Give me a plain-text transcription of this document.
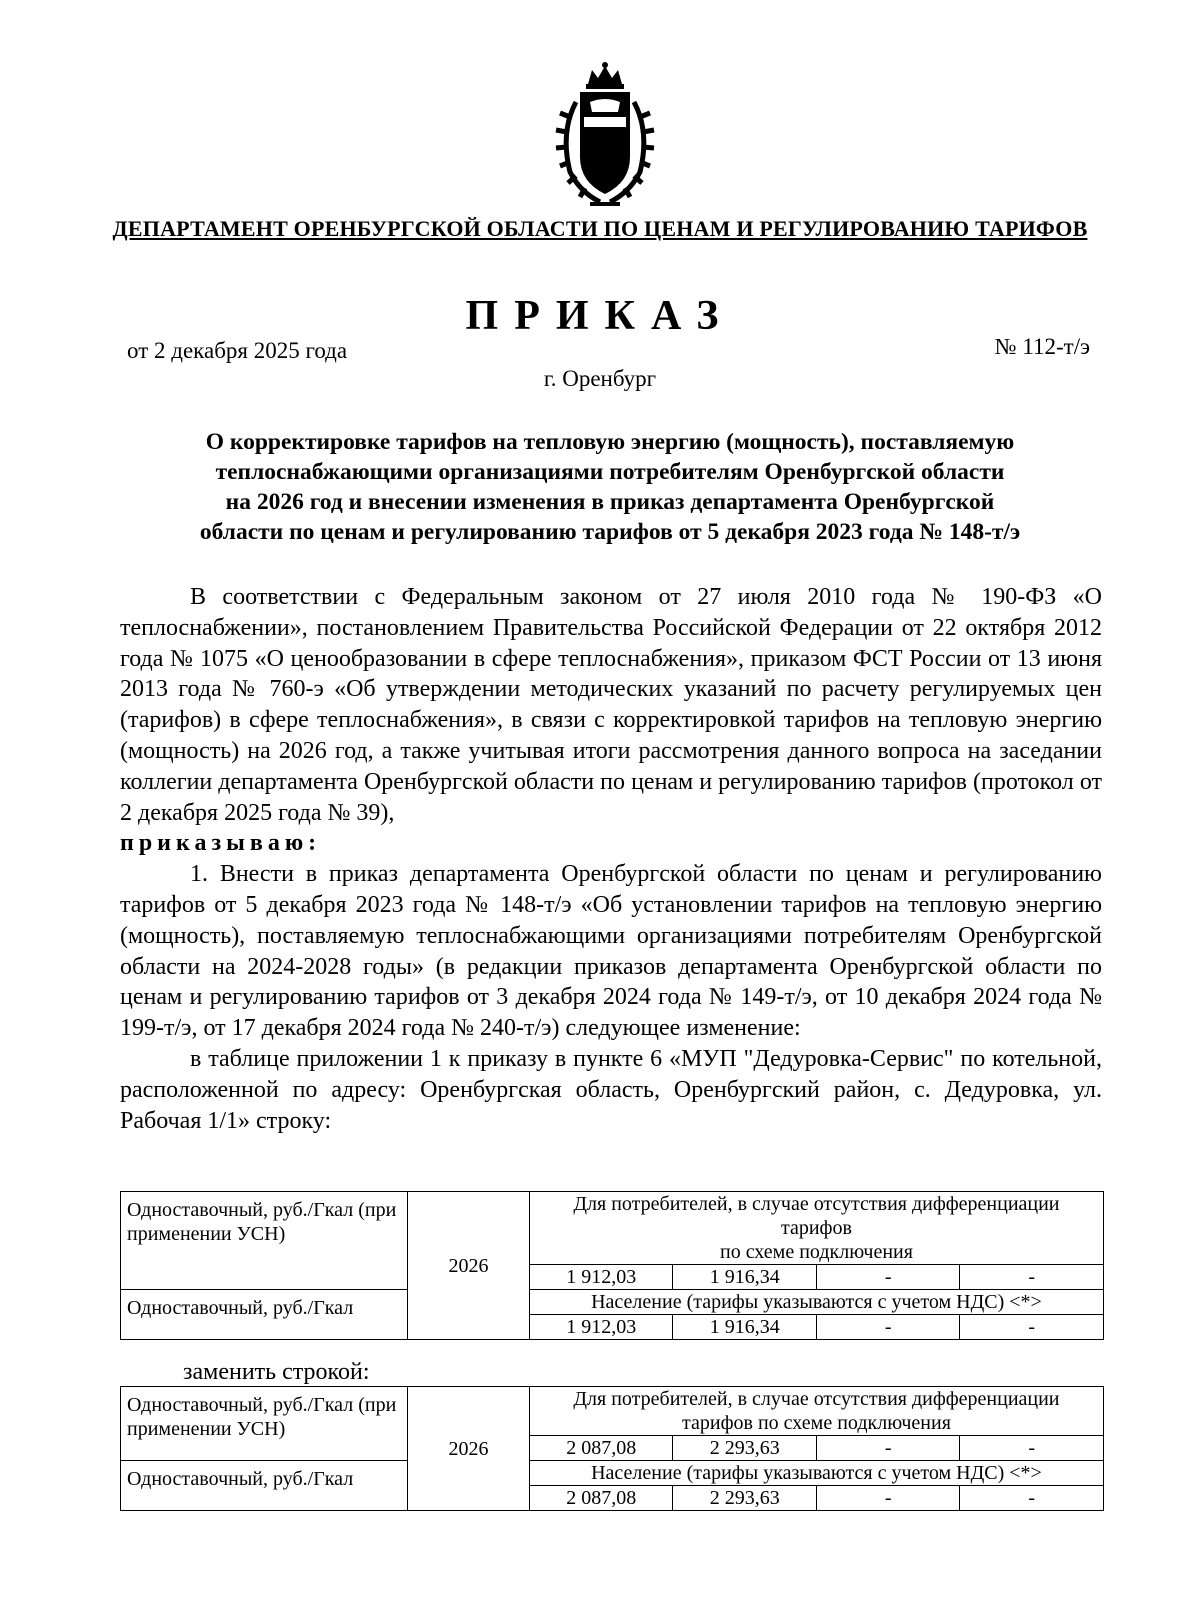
ДЕПАРТАМЕНТ ОРЕНБУРГСКОЙ ОБЛАСТИ ПО ЦЕНАМ И РЕГУЛИРОВАНИЮ ТАРИФОВ
ПРИКАЗ
от 2 декабря 2025 года	№ 112-т/э
г. Оренбург
О корректировке тарифов на тепловую энергию (мощность), поставляемую
теплоснабжающими организациями потребителям Оренбургской области
на 2026 год и внесении изменения в приказ департамента Оренбургской
области по ценам и регулированию тарифов от 5 декабря 2023 года № 148-т/э

В соответствии с Федеральным законом от 27 июля 2010 года № 190-ФЗ «О теплоснабжении», постановлением Правительства Российской Федерации от 22 октября 2012 года № 1075 «О ценообразовании в сфере теплоснабжения», приказом ФСТ России от 13 июня 2013 года № 760-э «Об утверждении методических указаний по расчету регулируемых цен (тарифов) в сфере теплоснабжения», в связи с корректировкой тарифов на тепловую энергию (мощность) на 2026 год, а также учитывая итоги рассмотрения данного вопроса на заседании коллегии департамента Оренбургской области по ценам и регулированию тарифов (протокол от 2 декабря 2025 года № 39),
приказываю:

1. Внести в приказ департамента Оренбургской области по ценам и регулированию тарифов от 5 декабря 2023 года № 148-т/э «Об установлении тарифов на тепловую энергию (мощность), поставляемую теплоснабжающими организациями потребителям Оренбургской области на 2024-2028 годы» (в редакции приказов департамента Оренбургской области по ценам и регулированию тарифов от 3 декабря 2024 года № 149-т/э, от 10 декабря 2024 года № 199-т/э, от 17 декабря 2024 года № 240-т/э) следующее изменение:

в таблице приложении 1 к приказу в пункте 6 «МУП "Дедуровка-Сервис" по котельной, расположенной по адресу: Оренбургская область, Оренбургский район, с. Дедуровка, ул. Рабочая 1/1» строку:

Одноставочный, руб./Гкал (при применении УСН)	2026	Для потребителей, в случае отсутствия дифференциации тарифов
по схеме подключения			

		1 912,03	1 916,34	-	-
Одноставочный, руб./Гкал		Население (тарифы указываются с учетом НДС) <*>			
		1 912,03	1 916,34	-	-
заменить строкой:
Одноставочный, руб./Гкал (при применении УСН)	2026	Для потребителей, в случае отсутствия дифференциации
тарифов по схеме подключения			

		2 087,08	2 293,63	-	-
Одноставочный, руб./Гкал		Население (тарифы указываются с учетом НДС) <*>			
		2 087,08	2 293,63	-	-
